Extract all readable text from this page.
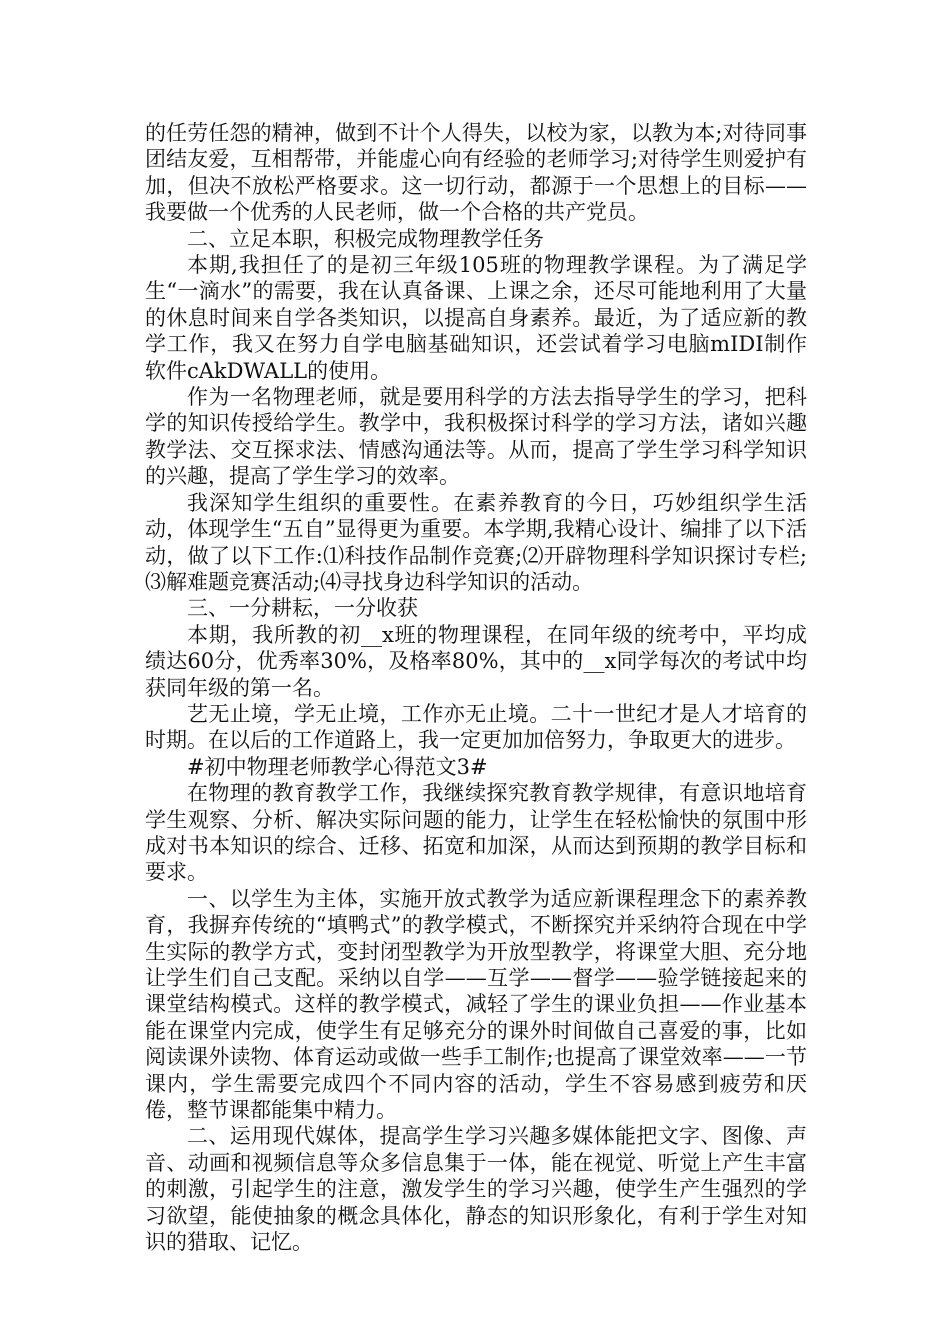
的任劳任怨的精神，做到不计个人得失，以校为家，以教为本;对待同事团结友爱，互相帮带，并能虚心向有经验的老师学习;对待学生则爱护有加，但决不放松严格要求。这一切行动，都源于一个思想上的目标——我要做一个优秀的人民老师，做一个合格的共产党员。

二、立足本职，积极完成物理教学任务

本期,我担任了的是初三年级105班的物理教学课程。为了满足学生“一滴水”的需要，我在认真备课、上课之余，还尽可能地利用了大量的休息时间来自学各类知识，以提高自身素养。最近，为了适应新的教学工作，我又在努力自学电脑基础知识，还尝试着学习电脑mIDI制作软件cAkDWALL的使用。

作为一名物理老师，就是要用科学的方法去指导学生的学习，把科学的知识传授给学生。教学中，我积极探讨科学的学习方法，诸如兴趣教学法、交互探求法、情感沟通法等。从而，提高了学生学习科学知识的兴趣，提高了学生学习的效率。

我深知学生组织的重要性。在素养教育的今日，巧妙组织学生活动，体现学生“五自”显得更为重要。本学期,我精心设计、编排了以下活动，做了以下工作:⑴科技作品制作竞赛;⑵开辟物理科学知识探讨专栏;⑶解难题竞赛活动;⑷寻找身边科学知识的活动。

三、一分耕耘，一分收获

本期，我所教的初__x班的物理课程，在同年级的统考中，平均成绩达60分，优秀率30%，及格率80%，其中的__x同学每次的考试中均获同年级的第一名。

艺无止境，学无止境，工作亦无止境。二十一世纪才是人才培育的时期。在以后的工作道路上，我一定更加加倍努力，争取更大的进步。

#初中物理老师教学心得范文3#

在物理的教育教学工作，我继续探究教育教学规律，有意识地培育学生观察、分析、解决实际问题的能力，让学生在轻松愉快的氛围中形成对书本知识的综合、迁移、拓宽和加深，从而达到预期的教学目标和要求。

一、以学生为主体，实施开放式教学为适应新课程理念下的素养教育，我摒弃传统的“填鸭式”的教学模式，不断探究并采纳符合现在中学生实际的教学方式，变封闭型教学为开放型教学，将课堂大胆、充分地让学生们自己支配。采纳以自学——互学——督学——验学链接起来的课堂结构模式。这样的教学模式，减轻了学生的课业负担——作业基本能在课堂内完成，使学生有足够充分的课外时间做自己喜爱的事，比如阅读课外读物、体育运动或做一些手工制作;也提高了课堂效率——一节课内，学生需要完成四个不同内容的活动，学生不容易感到疲劳和厌倦，整节课都能集中精力。

二、运用现代媒体，提高学生学习兴趣多媒体能把文字、图像、声音、动画和视频信息等众多信息集于一体，能在视觉、听觉上产生丰富的刺激，引起学生的注意，激发学生的学习兴趣，使学生产生强烈的学习欲望，能使抽象的概念具体化，静态的知识形象化，有利于学生对知识的猎取、记忆。
